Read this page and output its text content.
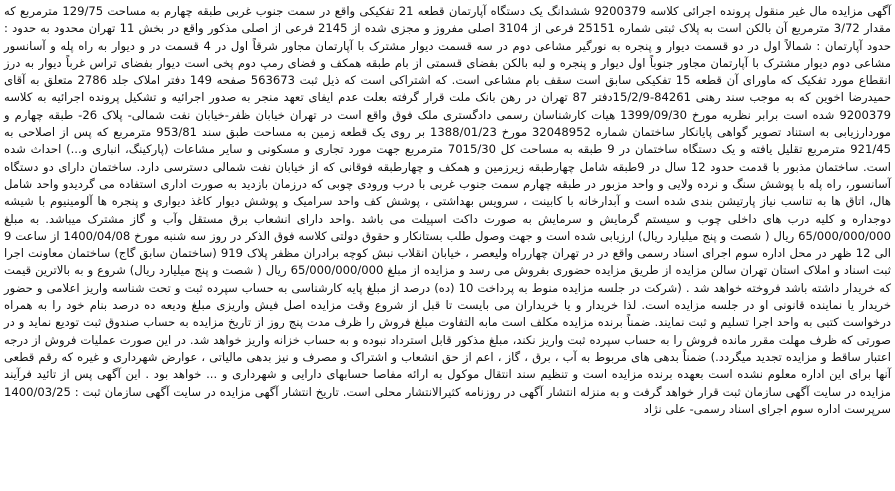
آگهی مزایده مال غیر منقول پرونده اجرائی کلاسه 9200379 ششدانگ یک دستگاه آپارتمان قطعه 21 تفکیکی واقع در سمت جنوب غربی طبقه چهارم به مساحت 129/75 مترمربع که مقدار 3/72 مترمربع آن بالکن است به پلاک ثبتی شماره 25151 فرعی از 3104 اصلی مفروز و مجزی شده از 2145 فرعی از اصلی مذکور واقع در بخش 11 تهران محدود به حدود : حدود آپارتمان : شمالاً اول در دو قسمت دیوار و پنجره به نورگیر مشاعی دوم در سه قسمت دیوار مشترک با آپارتمان مجاور شرقاً اول در 4 قسمت در و دیوار به راه پله و آسانسور مشاعی دوم دیوار مشترک با آپارتمان مجاور جنوباً اول دیوار و پنجره و لبه بالکن بفضای قسمتی از بام طبقه همکف و فضای رمپ دوم پخی است دیوار بفضای تراس غرباً دیوار به درز انقطاع مورد تفکیک که ماورای آن قطعه 15 تفکیکی سابق است سقف بام مشاعی است. که اشتراکی است که ذیل ثبت 563673 صفحه 149 دفتر املاک جلد 2786 متعلق به آقای حمیدرضا اخوین که به موجب سند رهنی 84261-15/2/9دفتر 87 تهران در رهن بانک ملت قرار گرفته بعلت عدم ایفای تعهد منجر به صدور اجرائیه و تشکیل پرونده اجرائیه به کلاسه 9200379 شده است برابر نظریه مورخ 1399/09/30 هیات کارشناسان رسمی دادگستری ملک فوق واقع است در تهران خیابان ظفر-خیابان نفت شمالی- پلاک 26- طبقه چهارم و موردارزیابی به استناد تصویر گواهی پایانکار ساختمان شماره 32048952 مورخ 1388/01/23 بر روی یک قطعه زمین به مساحت طبق سند 953/81 مترمربع که پس از اصلاحی به 921/45 مترمربع تقلیل یافته و یک دستگاه ساختمان در 9 طبقه به مساحت کل 7015/30 مترمربع جهت مورد تجاری و مسکونی و سایر مشاعات (پارکینگ، انباری و...) احداث شده است. ساختمان مذبور با قدمت حدود 12 سال در 9طبقه شامل چهارطبقه زیرزمین و همکف و چهارطبقه فوقانی که از خیابان نفت شمالی دسترسی دارد. ساختمان دارای دو دستگاه آسانسور، راه پله با پوشش سنگ و نرده ولایی و واحد مزبور در طبقه چهارم سمت جنوب غربی با درب ورودی چوبی که درزمان بازدید به صورت اداری استفاده می گردیدو واحد شامل هال، اتاق ها به تناسب نیاز پارتیشن بندی شده است و آبدارخانه با کابینت ، سرویس بهداشتی ، پوشش کف واحد سرامیک و پوشش دیوار کاغذ دیواری و پنجره ها آلومینیوم با شیشه دوجداره و کلیه درب های داخلی چوب و سیستم گرمایش و سرمایش به صورت داکت اسپیلت می باشد .واحد دارای انشعاب برق مستقل وآب و گاز مشترک میباشد. به مبلغ 65/000/000/000 ریال ( شصت و پنج میلیارد ریال) ارزیابی شده است و جهت وصول طلب بستانکار و حقوق دولتی کلاسه فوق الذکر در روز سه شنبه مورخ 1400/04/08 از ساعت 9 الی 12 ظهر در محل اداره سوم اجرای اسناد رسمی واقع در در تهران چهارراه ولیعصر ، خیابان انقلاب نبش کوچه برادران مظفر پلاک 919 (ساختمان سابق گاج) ساختمان معاونت اجرا ثبت اسناد و املاک استان تهران سالن مزایده از طریق مزایده حضوری بفروش می رسد و مزایده از مبلغ 65/000/000/000 ریال ( شصت و پنج میلیارد ریال) شروع و به بالاترین قیمت که خریدار داشته باشد فروخته خواهد شد . (شرکت در جلسه مزایده منوط به پرداخت 10 (ده) درصد از مبلغ پایه کارشناسی به حساب سپرده ثبت و تحت شناسه واریز اعلامی و حضور خریدار یا نماینده قانونی او در جلسه مزایده است. لذا خریدار و یا خریداران می بایست تا قبل از شروع وقت مزایده اصل فیش واریزی مبلغ ودیعه ده درصد بنام خود را به همراه درخواست کتبی به واحد اجرا تسلیم و ثبت نمایند. ضمناً برنده مزایده مکلف است مابه التفاوت مبلغ فروش را ظرف مدت پنج روز از تاریخ مزایده به حساب صندوق ثبت تودیع نماید و در صورتی که ظرف مهلت مقرر مانده فروش را به حساب سپرده ثبت واریز نکند، مبلغ مذکور قابل استرداد نبوده و به حساب خزانه واریز خواهد شد. در این صورت عملیات فروش از درجه اعتبار ساقط و مزایده تجدید میگردد.) ضمناً بدهی های مربوط به آب ، برق ، گاز ، اعم از حق انشعاب و اشتراک و مصرف و نیز بدهی مالیاتی ، عوارض شهرداری و غیره که رقم قطعی آنها برای این اداره معلوم نشده است بعهده برنده مزایده است و تنظیم سند انتقال موکول به ارائه مفاصا حسابهای دارایی و شهرداری و ... خواهد بود . این آگهی پس از تائید فرآیند مزایده در سایت آگهی سازمان ثبت قرار خواهد گرفت و به منزله انتشار آگهی در روزنامه کثیرالانتشار محلی است. تاریخ انتشار آگهی مزایده در سایت آگهی سازمان ثبت : 1400/03/25 سرپرست اداره سوم اجرای اسناد رسمی- علی نژاد
